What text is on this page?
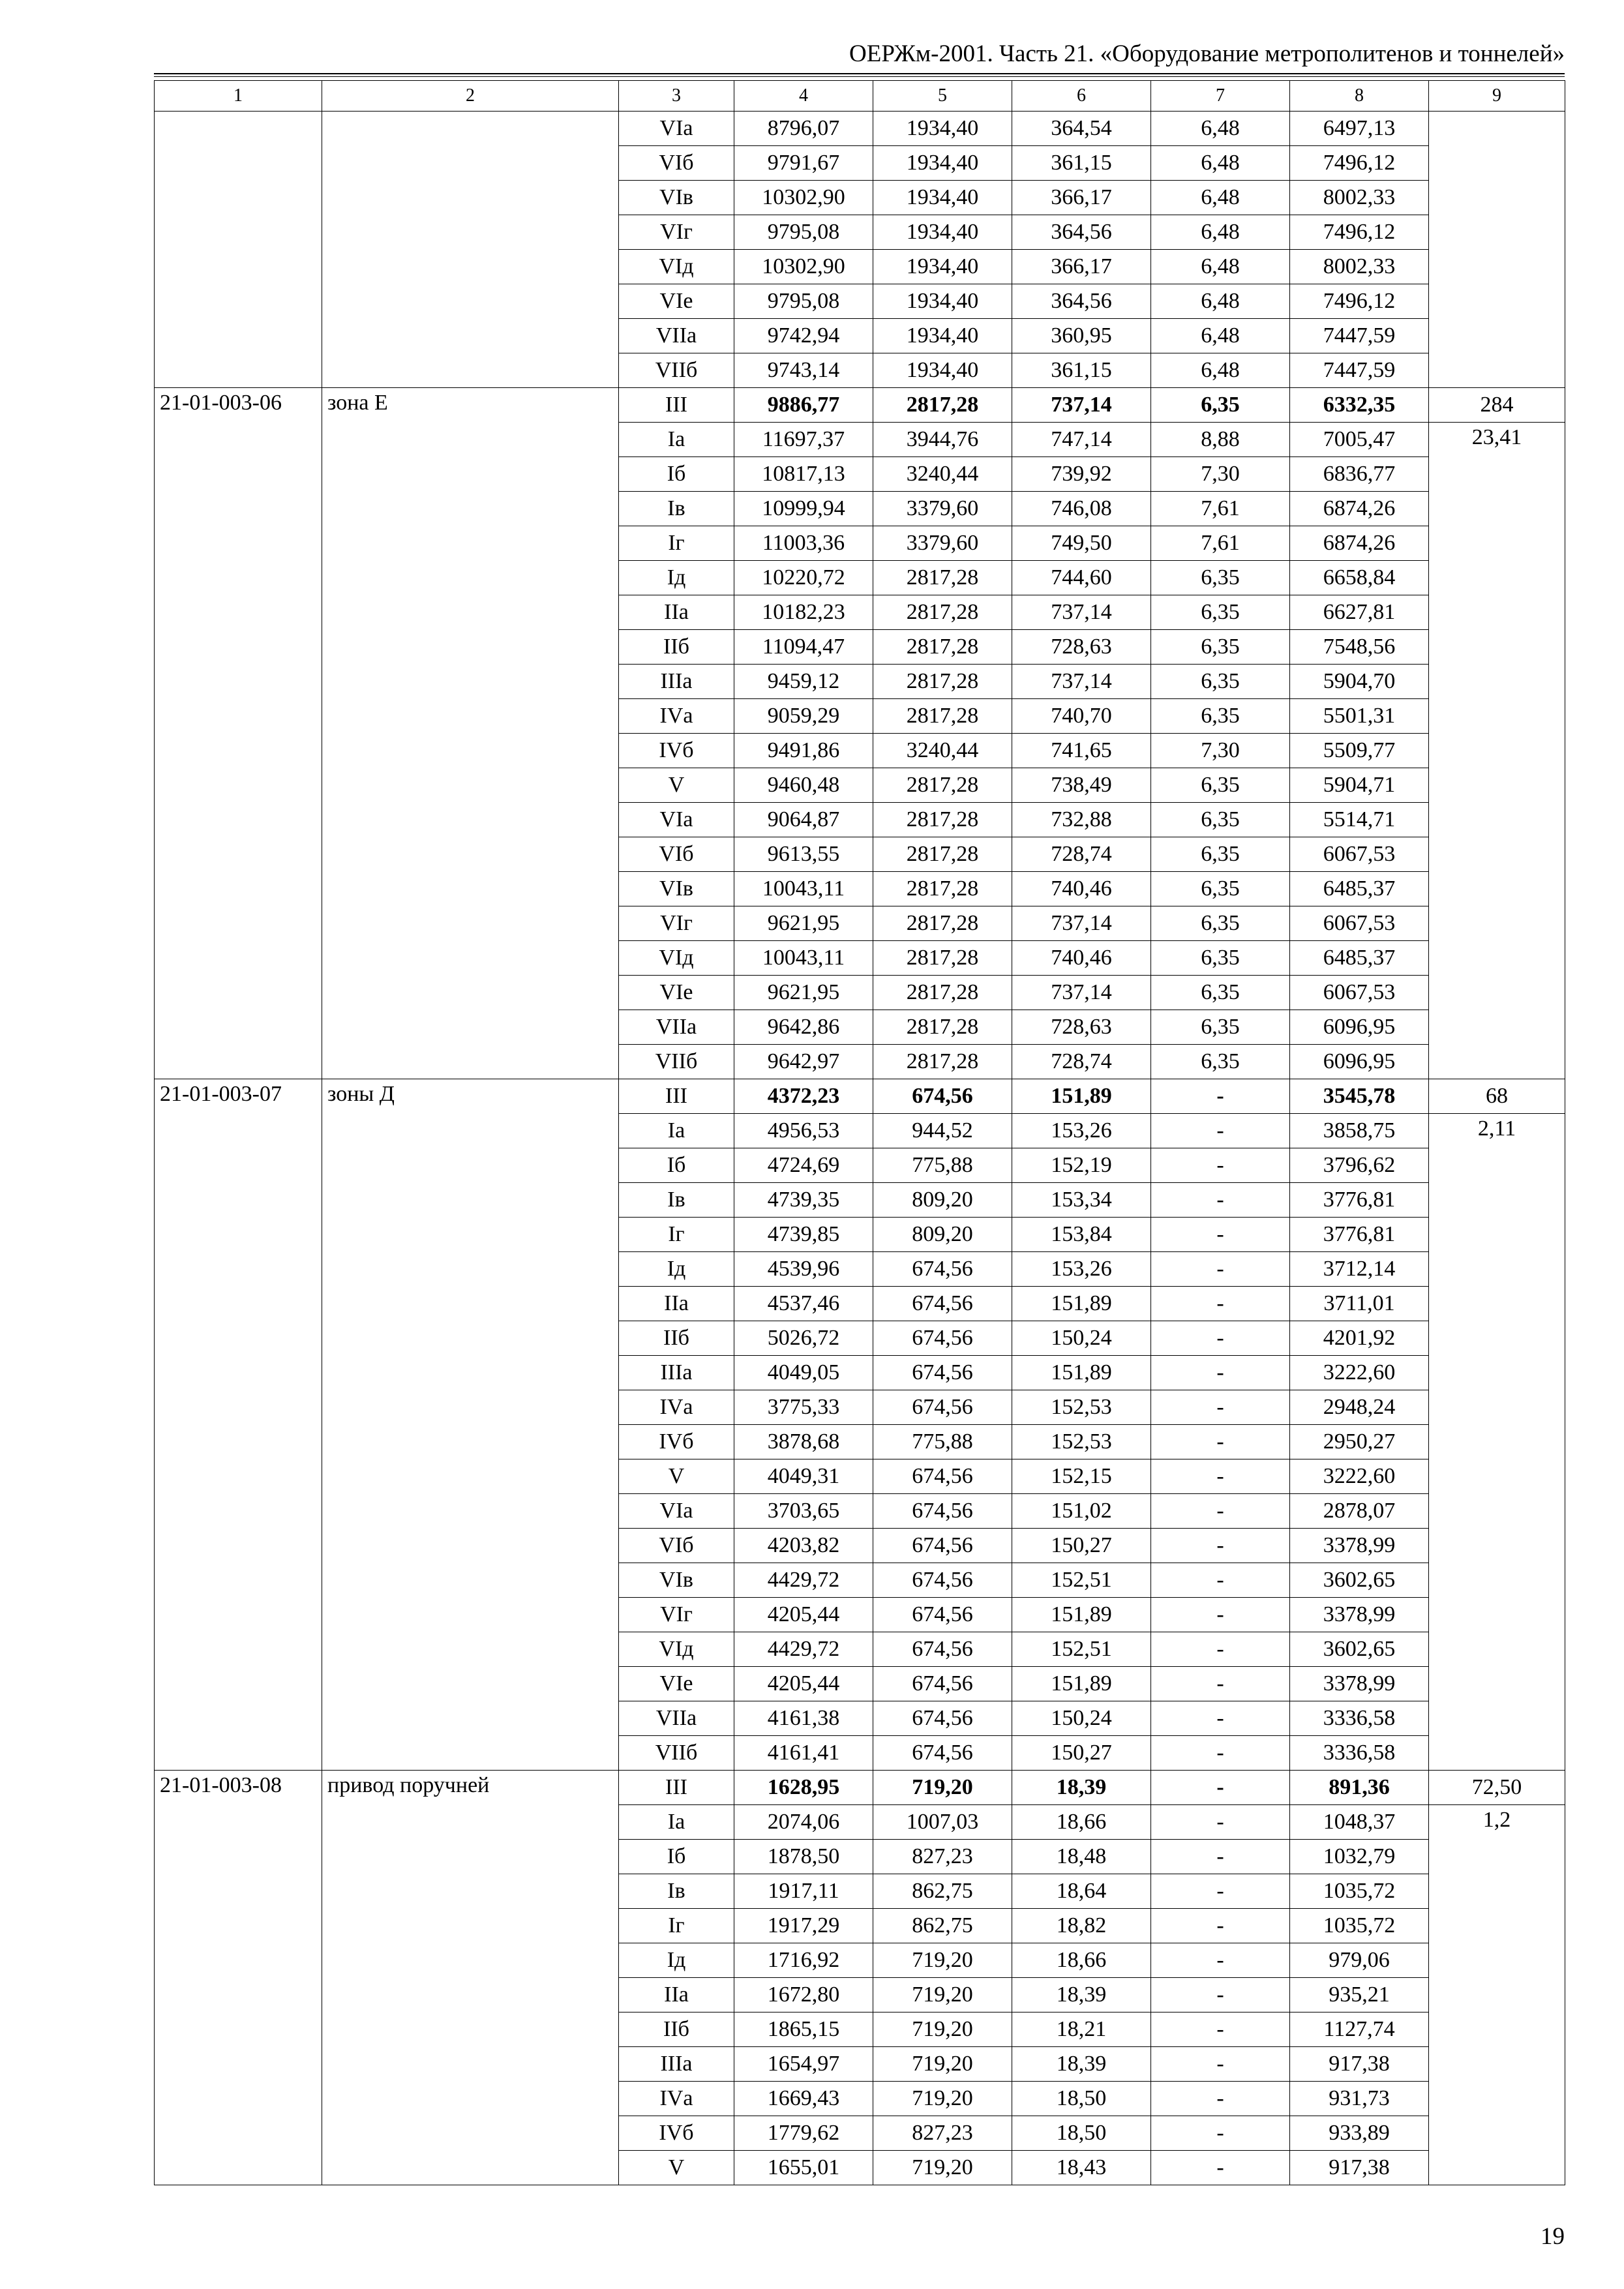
ОЕРЖм-2001. Часть 21. «Оборудование метрополитенов и тоннелей»
1	2	3	4	5	6	7	8	9
		VIа	8796,07	1934,40	364,54	6,48	6497,13	
		VIб	9791,67	1934,40	361,15	6,48	7496,12	
		VIв	10302,90	1934,40	366,17	6,48	8002,33	
		VIг	9795,08	1934,40	364,56	6,48	7496,12	
		VIд	10302,90	1934,40	366,17	6,48	8002,33	
		VIе	9795,08	1934,40	364,56	6,48	7496,12	
		VIIа	9742,94	1934,40	360,95	6,48	7447,59	
		VIIб	9743,14	1934,40	361,15	6,48	7447,59	
21-01-003-06	зона Е	III	9886,77	2817,28	737,14	6,35	6332,35	284
		Iа	11697,37	3944,76	747,14	8,88	7005,47	23,41
		Iб	10817,13	3240,44	739,92	7,30	6836,77	
		Iв	10999,94	3379,60	746,08	7,61	6874,26	
		Iг	11003,36	3379,60	749,50	7,61	6874,26	
		Iд	10220,72	2817,28	744,60	6,35	6658,84	
		IIа	10182,23	2817,28	737,14	6,35	6627,81	
		IIб	11094,47	2817,28	728,63	6,35	7548,56	
		IIIа	9459,12	2817,28	737,14	6,35	5904,70	
		IVа	9059,29	2817,28	740,70	6,35	5501,31	
		IVб	9491,86	3240,44	741,65	7,30	5509,77	
		V	9460,48	2817,28	738,49	6,35	5904,71	
		VIа	9064,87	2817,28	732,88	6,35	5514,71	
		VIб	9613,55	2817,28	728,74	6,35	6067,53	
		VIв	10043,11	2817,28	740,46	6,35	6485,37	
		VIг	9621,95	2817,28	737,14	6,35	6067,53	
		VIд	10043,11	2817,28	740,46	6,35	6485,37	
		VIе	9621,95	2817,28	737,14	6,35	6067,53	
		VIIа	9642,86	2817,28	728,63	6,35	6096,95	
		VIIб	9642,97	2817,28	728,74	6,35	6096,95	
21-01-003-07	зоны Д	III	4372,23	674,56	151,89	-	3545,78	68
		Iа	4956,53	944,52	153,26	-	3858,75	2,11
		Iб	4724,69	775,88	152,19	-	3796,62	
		Iв	4739,35	809,20	153,34	-	3776,81	
		Iг	4739,85	809,20	153,84	-	3776,81	
		Iд	4539,96	674,56	153,26	-	3712,14	
		IIа	4537,46	674,56	151,89	-	3711,01	
		IIб	5026,72	674,56	150,24	-	4201,92	
		IIIа	4049,05	674,56	151,89	-	3222,60	
		IVа	3775,33	674,56	152,53	-	2948,24	
		IVб	3878,68	775,88	152,53	-	2950,27	
		V	4049,31	674,56	152,15	-	3222,60	
		VIа	3703,65	674,56	151,02	-	2878,07	
		VIб	4203,82	674,56	150,27	-	3378,99	
		VIв	4429,72	674,56	152,51	-	3602,65	
		VIг	4205,44	674,56	151,89	-	3378,99	
		VIд	4429,72	674,56	152,51	-	3602,65	
		VIе	4205,44	674,56	151,89	-	3378,99	
		VIIа	4161,38	674,56	150,24	-	3336,58	
		VIIб	4161,41	674,56	150,27	-	3336,58	
21-01-003-08	привод поручней	III	1628,95	719,20	18,39	-	891,36	72,50
		Iа	2074,06	1007,03	18,66	-	1048,37	1,2
		Iб	1878,50	827,23	18,48	-	1032,79	
		Iв	1917,11	862,75	18,64	-	1035,72	
		Iг	1917,29	862,75	18,82	-	1035,72	
		Iд	1716,92	719,20	18,66	-	979,06	
		IIа	1672,80	719,20	18,39	-	935,21	
		IIб	1865,15	719,20	18,21	-	1127,74	
		IIIа	1654,97	719,20	18,39	-	917,38	
		IVа	1669,43	719,20	18,50	-	931,73	
		IVб	1779,62	827,23	18,50	-	933,89	
		V	1655,01	719,20	18,43	-	917,38	
19
